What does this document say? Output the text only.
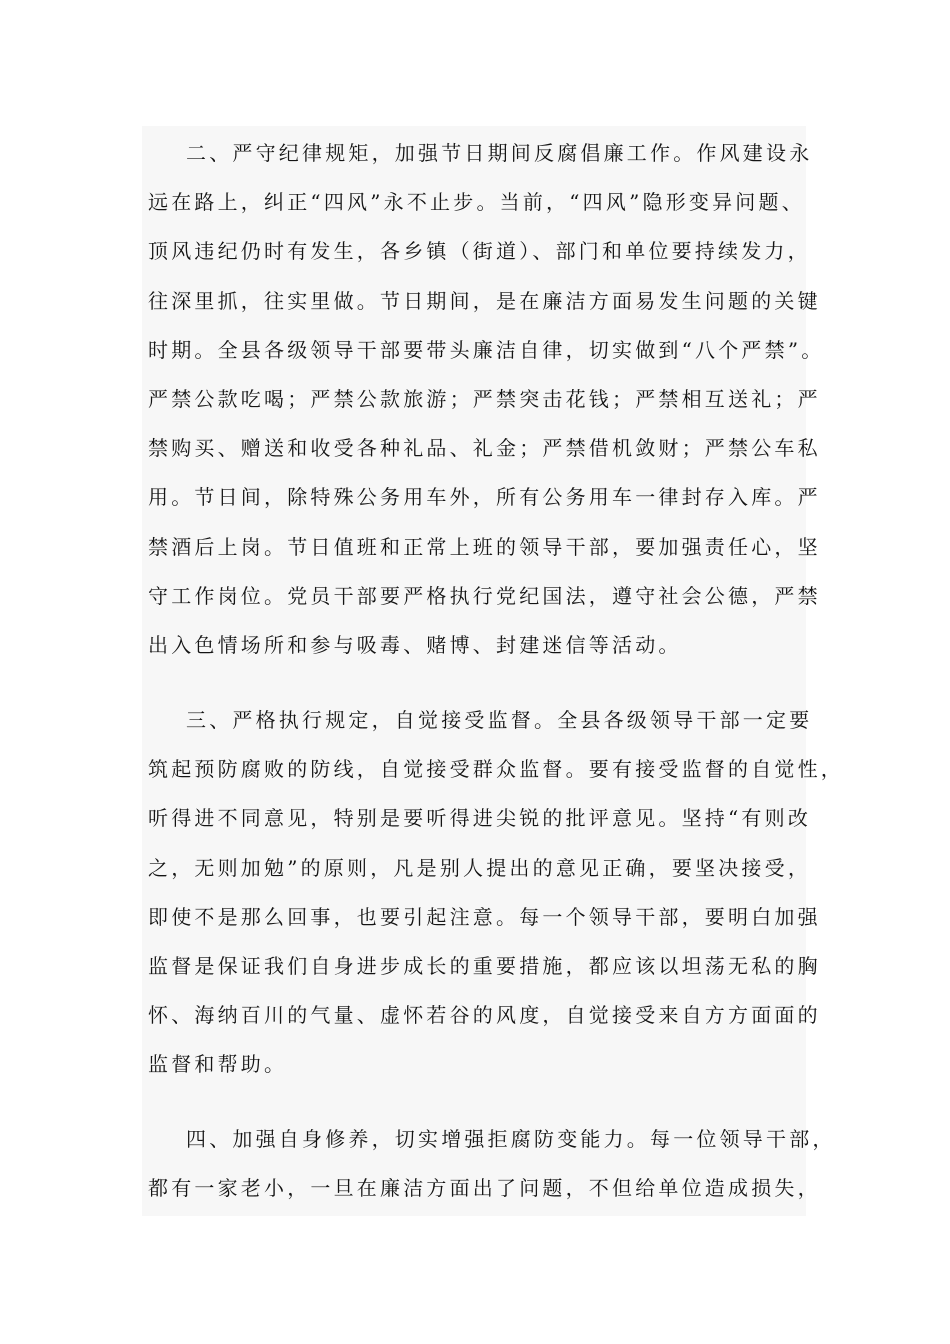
二、严守纪律规矩，加强节日期间反腐倡廉工作。作风建设永
远在路上，纠正“四风”永不止步。当前，“四风”隐形变异问题、
顶风违纪仍时有发生，各乡镇（街道）、部门和单位要持续发力，
往深里抓，往实里做。节日期间，是在廉洁方面易发生问题的关键
时期。全县各级领导干部要带头廉洁自律，切实做到“八个严禁”。
严禁公款吃喝；严禁公款旅游；严禁突击花钱；严禁相互送礼；严
禁购买、赠送和收受各种礼品、礼金；严禁借机敛财；严禁公车私
用。节日间，除特殊公务用车外，所有公务用车一律封存入库。严
禁酒后上岗。节日值班和正常上班的领导干部，要加强责任心，坚
守工作岗位。党员干部要严格执行党纪国法，遵守社会公德，严禁
出入色情场所和参与吸毒、赌博、封建迷信等活动。
三、严格执行规定，自觉接受监督。全县各级领导干部一定要
筑起预防腐败的防线，自觉接受群众监督。要有接受监督的自觉性，
听得进不同意见，特别是要听得进尖锐的批评意见。坚持“有则改
之，无则加勉”的原则，凡是别人提出的意见正确，要坚决接受，
即使不是那么回事，也要引起注意。每一个领导干部，要明白加强
监督是保证我们自身进步成长的重要措施，都应该以坦荡无私的胸
怀、海纳百川的气量、虚怀若谷的风度，自觉接受来自方方面面的
监督和帮助。
四、加强自身修养，切实增强拒腐防变能力。每一位领导干部，
都有一家老小，一旦在廉洁方面出了问题，不但给单位造成损失，
